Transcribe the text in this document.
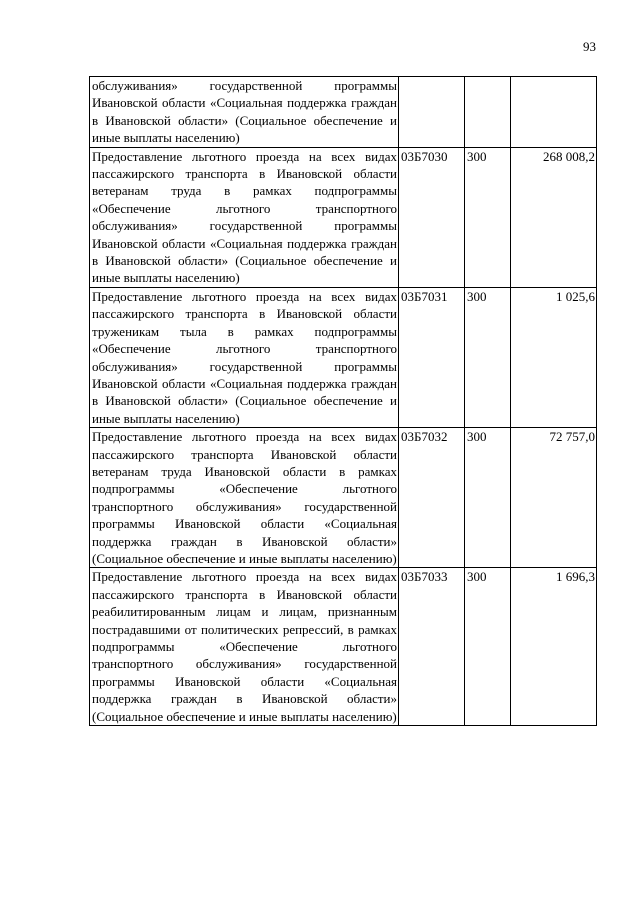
93
обслуживания» государственной программы Ивановской области «Социальная поддержка граждан в Ивановской области» (Социальное обеспечение и иные выплаты населению)			
Предоставление льготного проезда на всех видах пассажирского транспорта в Ивановской области ветеранам труда в рамках подпрограммы «Обеспечение льготного транспортного обслуживания» государственной программы Ивановской области «Социальная поддержка граждан в Ивановской области» (Социальное обеспечение и иные выплаты населению)	03Б7030	300	268 008,2
Предоставление льготного проезда на всех видах пассажирского транспорта в Ивановской области труженикам тыла в рамках подпрограммы «Обеспечение льготного транспортного обслуживания» государственной программы Ивановской области «Социальная поддержка граждан в Ивановской области» (Социальное обеспечение и иные выплаты населению)	03Б7031	300	1 025,6
Предоставление льготного проезда на всех видах пассажирского транспорта Ивановской области ветеранам труда Ивановской области в рамках подпрограммы «Обеспечение льготного транспортного обслуживания» государственной программы Ивановской области «Социальная поддержка граждан в Ивановской области» (Социальное обеспечение и иные выплаты населению)	03Б7032	300	72 757,0
Предоставление льготного проезда на всех видах пассажирского транспорта в Ивановской области реабилитированным лицам и лицам, признанным пострадавшими от политических репрессий, в рамках подпрограммы «Обеспечение льготного транспортного обслуживания» государственной программы Ивановской области «Социальная поддержка граждан в Ивановской области» (Социальное обеспечение и иные выплаты населению)	03Б7033	300	1 696,3
